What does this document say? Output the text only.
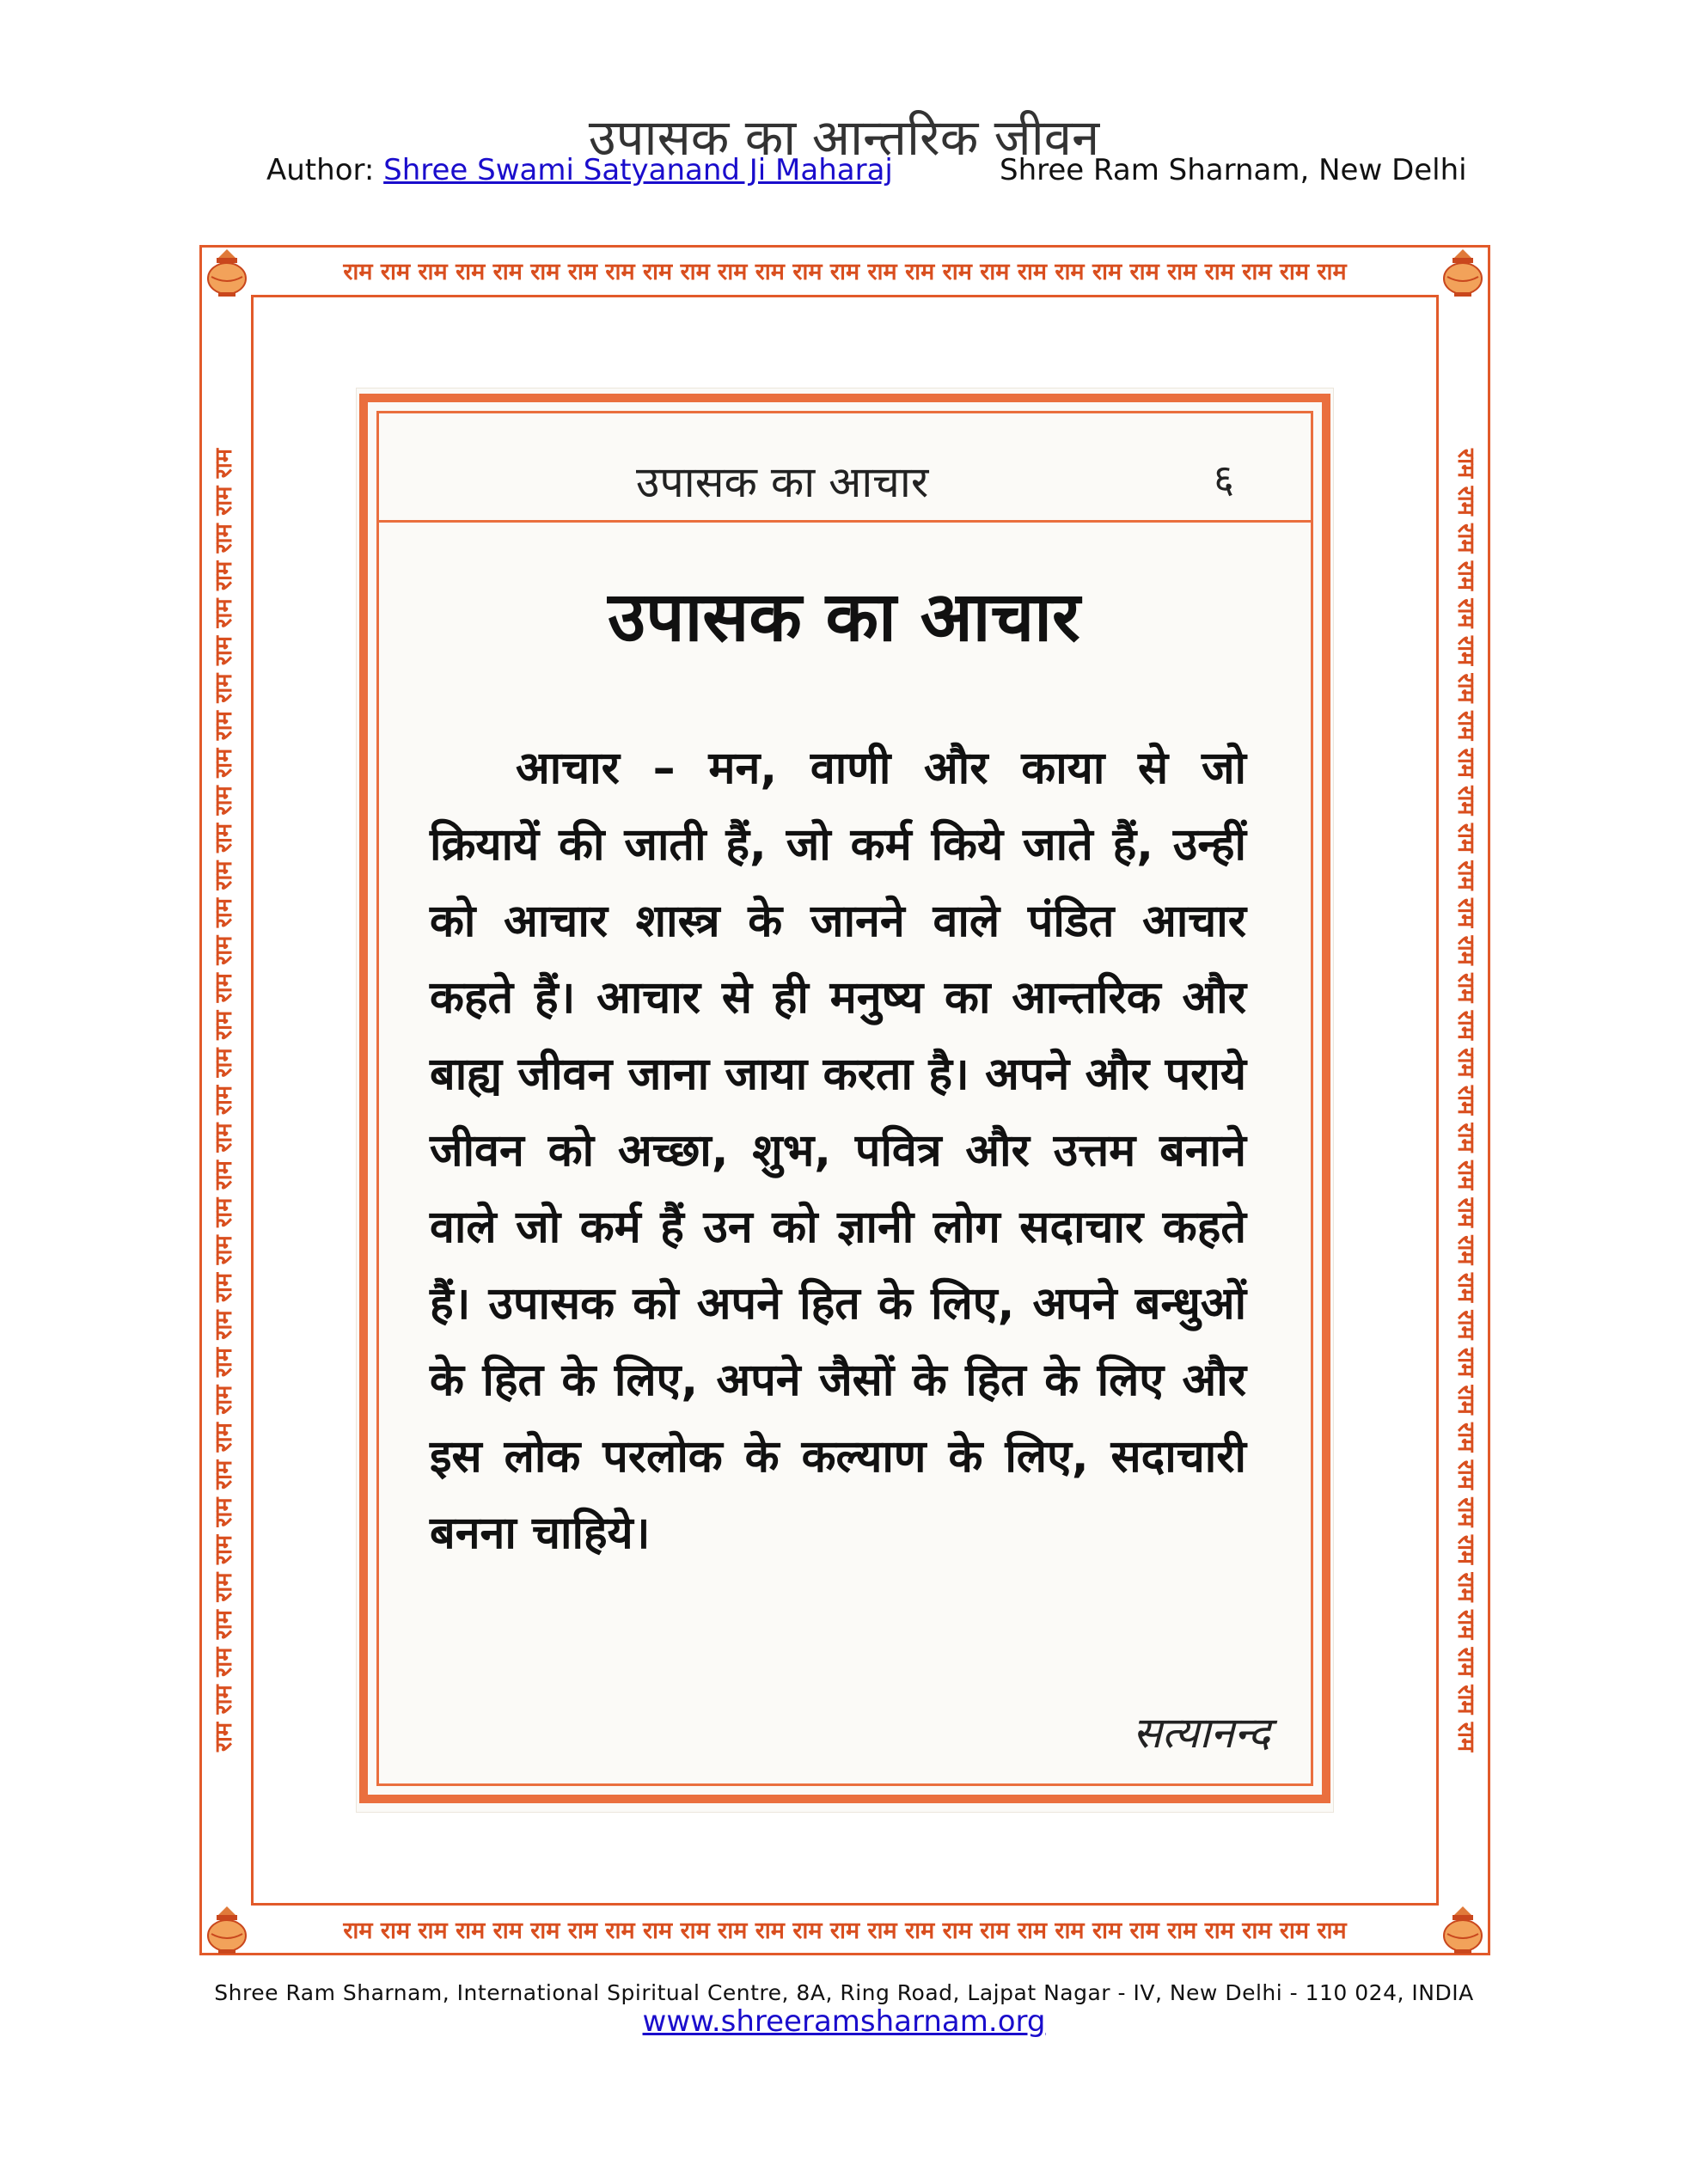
उपासक का आन्तरिक जीवन
Author: Shree Swami Satyanand Ji Maharaj	Shree Ram Sharnam, New Delhi
राम राम राम राम राम राम राम राम राम राम राम राम राम राम राम राम राम राम राम राम राम राम राम राम राम राम राम
राम राम राम राम राम राम राम राम राम राम राम राम राम राम राम राम राम राम राम राम राम राम राम राम राम राम राम
राम राम राम राम राम राम राम राम राम राम राम राम राम राम राम राम राम राम राम राम राम राम राम राम राम राम राम राम राम राम राम राम राम राम राम	राम राम राम राम राम राम राम राम राम राम राम राम राम राम राम राम राम राम राम राम राम राम राम राम राम राम राम राम राम राम राम राम राम राम राम
उपासक का आचार	६
उपासक का आचार
आचार – मन, वाणी और काया से जो क्रियायें की जाती हैं, जो कर्म किये जाते हैं, उन्हीं को आचार शास्त्र के जानने वाले पंडित आचार कहते हैं। आचार से ही मनुष्य का आन्तरिक और बाह्य जीवन जाना जाया करता है। अपने और पराये जीवन को अच्छा, शुभ, पवित्र और उत्तम बनाने वाले जो कर्म हैं उन को ज्ञानी लोग सदाचार कहते हैं। उपासक को अपने हित के लिए, अपने बन्धुओं के हित के लिए, अपने जैसों के हित के लिए और इस लोक परलोक के कल्याण के लिए, सदाचारी बनना चाहिये।
सत्यानन्द
Shree Ram Sharnam, International Spiritual Centre, 8A, Ring Road, Lajpat Nagar - IV, New Delhi - 110 024, INDIA
www.shreeramsharnam.org
